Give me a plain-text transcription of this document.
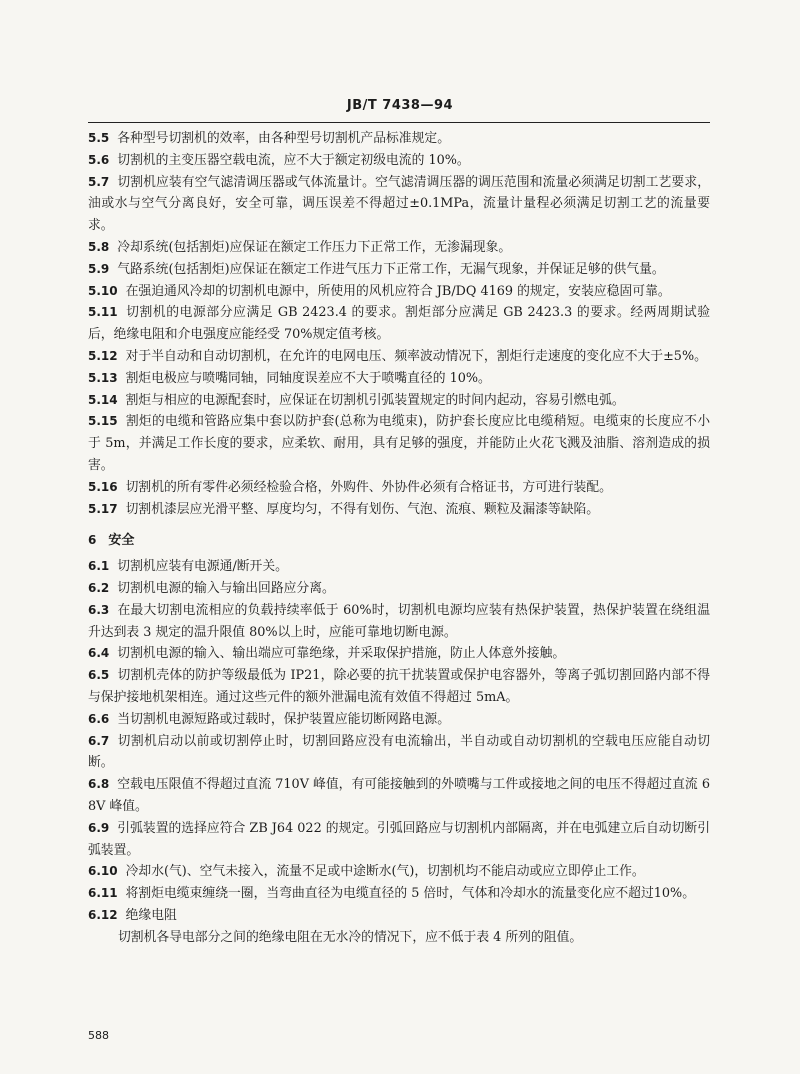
JB/T 7438—94

5.5 各种型号切割机的效率，由各种型号切割机产品标准规定。

5.6 切割机的主变压器空载电流，应不大于额定初级电流的 10%。

5.7 切割机应装有空气滤清调压器或气体流量计。空气滤清调压器的调压范围和流量必须满足切割工艺要求，油或水与空气分离良好，安全可靠，调压误差不得超过±0.1MPa，流量计量程必须满足切割工艺的流量要求。

5.8 冷却系统(包括割炬)应保证在额定工作压力下正常工作，无渗漏现象。

5.9 气路系统(包括割炬)应保证在额定工作进气压力下正常工作，无漏气现象，并保证足够的供气量。

5.10 在强迫通风冷却的切割机电源中，所使用的风机应符合 JB/DQ 4169 的规定，安装应稳固可靠。

5.11 切割机的电源部分应满足 GB 2423.4 的要求。割炬部分应满足 GB 2423.3 的要求。经两周期试验后，绝缘电阻和介电强度应能经受 70%规定值考核。

5.12 对于半自动和自动切割机，在允许的电网电压、频率波动情况下，割炬行走速度的变化应不大于±5%。

5.13 割炬电极应与喷嘴同轴，同轴度误差应不大于喷嘴直径的 10%。

5.14 割炬与相应的电源配套时，应保证在切割机引弧装置规定的时间内起动，容易引燃电弧。

5.15 割炬的电缆和管路应集中套以防护套(总称为电缆束)，防护套长度应比电缆稍短。电缆束的长度应不小于 5m，并满足工作长度的要求，应柔软、耐用，具有足够的强度，并能防止火花飞溅及油脂、溶剂造成的损害。

5.16 切割机的所有零件必须经检验合格，外购件、外协件必须有合格证书，方可进行装配。

5.17 切割机漆层应光滑平整、厚度均匀，不得有划伤、气泡、流痕、颗粒及漏漆等缺陷。

6 安全

6.1 切割机应装有电源通/断开关。

6.2 切割机电源的输入与输出回路应分离。

6.3 在最大切割电流相应的负载持续率低于 60%时，切割机电源均应装有热保护装置，热保护装置在绕组温升达到表 3 规定的温升限值 80%以上时，应能可靠地切断电源。

6.4 切割机电源的输入、输出端应可靠绝缘，并采取保护措施，防止人体意外接触。

6.5 切割机壳体的防护等级最低为 IP21，除必要的抗干扰装置或保护电容器外，等离子弧切割回路内部不得与保护接地机架相连。通过这些元件的额外泄漏电流有效值不得超过 5mA。

6.6 当切割机电源短路或过载时，保护装置应能切断网路电源。

6.7 切割机启动以前或切割停止时，切割回路应没有电流输出，半自动或自动切割机的空载电压应能自动切断。

6.8 空载电压限值不得超过直流 710V 峰值，有可能接触到的外喷嘴与工件或接地之间的电压不得超过直流 68V 峰值。

6.9 引弧装置的选择应符合 ZB J64 022 的规定。引弧回路应与切割机内部隔离，并在电弧建立后自动切断引弧装置。

6.10 冷却水(气)、空气未接入，流量不足或中途断水(气)，切割机均不能启动或应立即停止工作。

6.11 将割炬电缆束缠绕一圈，当弯曲直径为电缆直径的 5 倍时，气体和冷却水的流量变化应不超过10%。

6.12 绝缘电阻

切割机各导电部分之间的绝缘电阻在无水冷的情况下，应不低于表 4 所列的阻值。

588
